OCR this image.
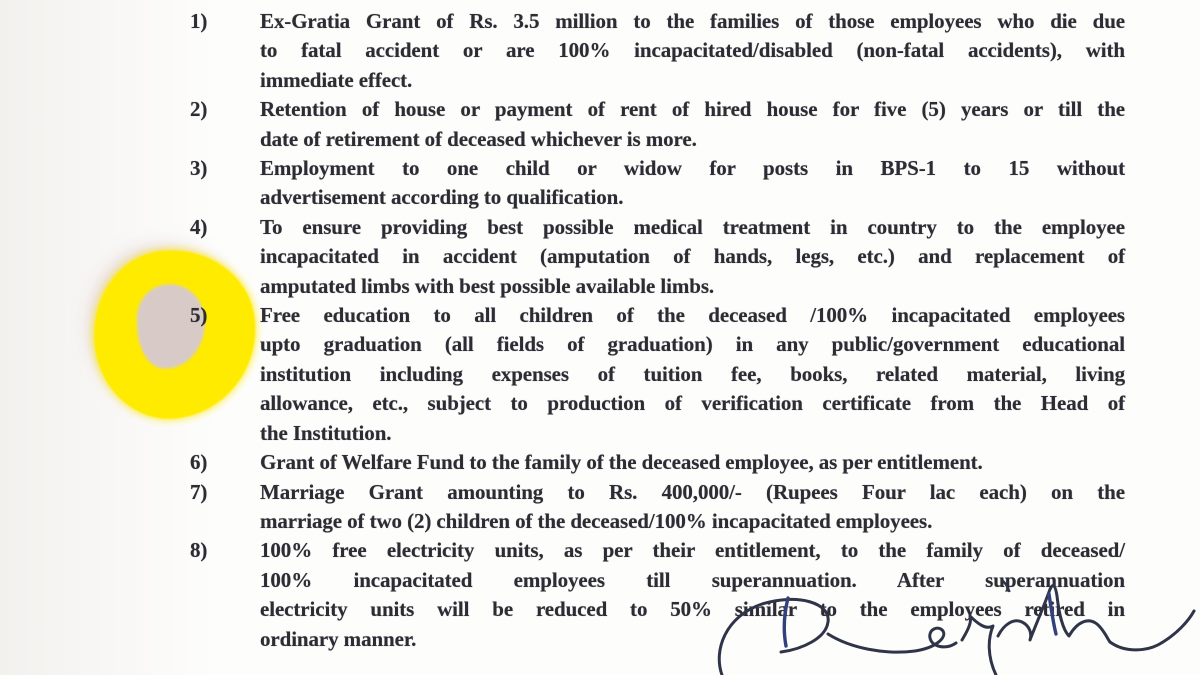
1)	Ex-Gratia Grant of Rs. 3.5 million to the families of those employees who die due
to fatal accident or are 100% incapacitated/disabled (non-fatal accidents), with
immediate effect.
2)	Retention of house or payment of rent of hired house for five (5) years or till the
date of retirement of deceased whichever is more.
3)	Employment to one child or widow for posts in BPS-1 to 15 without
advertisement according to qualification.
4)	To ensure providing best possible medical treatment in country to the employee
incapacitated in accident (amputation of hands, legs, etc.) and replacement of
amputated limbs with best possible available limbs.
5)	Free education to all children of the deceased /100% incapacitated employees
upto graduation (all fields of graduation) in any public/government educational
institution including expenses of tuition fee, books, related material, living
allowance, etc., subject to production of verification certificate from the Head of
the Institution.
6)	Grant of Welfare Fund to the family of the deceased employee, as per entitlement.
7)	Marriage Grant amounting to Rs. 400,000/- (Rupees Four lac each) on the
marriage of two (2) children of the deceased/100% incapacitated employees.
8)	100% free electricity units, as per their entitlement, to the family of deceased/
100% incapacitated employees till superannuation. After superannuation
electricity units will be reduced to 50% similar to the employees retired in
ordinary manner.
